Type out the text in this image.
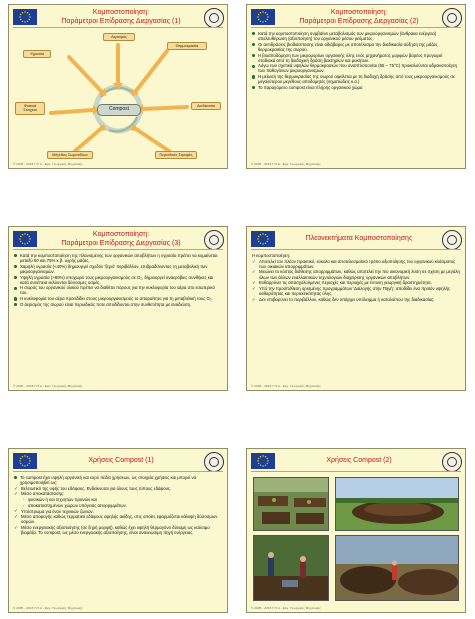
Κομποστοποίηση:
Παράμετροι Επίδρασης Διεργασίας (1)
Αερισμός
Θερμοκρασία
Υγρασία
Διαδικασία
Φυσικά Στοιχεία
Μέγεθος Σωματιδίων	Περιοδικές Στροφές
Compost
© 2005 - 2015 Γ.Π.Α - Εργ. Γεωργικής Μηχανικής
Κομποστοποίηση:
Παράμετροι Επίδρασης Διεργασίας (2)
Κατά την κομποστοποίηση συμβαίνει μεταβολισμός των μικροοργανισμών (άνθρακα ενέργεια) απελευθέρωση (αξιοποίηση) του οργανικού μέσου ρεύματος.
Οι αντιδράσεις βιοδιάσπασης είναι αδιάβαρες με αποτέλεσμα την διαδικασία αύξηση της μάζας θερμοκρασίας της σωρού.
Η βιοαποδόμηση των μικρομορίων οργανικής ύλης ενός μηχανήματος μορφών βαρέος προγωρεί σταδιακά από τη διαδοχική δράση βακτηρίων και μυκήτων.
Λόγω των σχετικά υψηλών θερμοκρασιών που αναπτύσσονται (65 – 75°C) προκαλούνται αδρανοποίηση των παθογόνων μικροοργανισμών.
Η μείωση της θερμοκρασίας της σωρού οφείλεται με τη διαδοχή δράσης από τους μικροοργανισμούς σε μεγαλύτερου μεγέθους αποδομητές (νηματώδεις κ.α.)
Το παραγόμενο compost είναι πλήρης οργανικού χώμα
© 2005 - 2015 Γ.Π.Α - Εργ. Γεωργικής Μηχανικής
Κομποστοποίηση:
Παράμετροι Επίδρασης Διεργασίας (3)
Κατά την κομποστοποίηση της πλανισμένης των οργανικών αποβλήτων η υγρασία πρέπει να κυμαίνεται μεταξύ 50 και 75% κ.β. υγρής μάζας.
Χαμηλή υγρασία (<40%) δημιουργεί σχεδόν 'ξηρό' περιβάλλον, επιβραδύνοντας τη μεταβολική των μικροοργανισμών.
Υψηλή υγρασία (>80%) υποχωρεί τους μικροοργανισμούς σε O₂, δημιουργεί αναερόβιες συνθήκες και κατά συνέπεια εκλύονται δύσοσμες οσμές.
Η σωρός του οργανικού υλικού πρέπει να διαθέτει πόρους για την κυκλοφορία του αέρα στο εσωτερικό του.
Η κυκλοφορία του αέρα προσδίδει στους μικροοργανισμούς το απαραίτητο για τη μεταβολική τους O₂.
Ο αερισμός της σωρού είναι περιοδικός ποτε αποδίδονται στην συνθετότητα με αναδεύση.
© 2005 - 2015 Γ.Π.Α - Εργ. Γεωργικής Μηχανικής
Πλεονεκτήματα Κομποστοποίησης
Η κομποστοποίηση:
✓ Αποτελεί τον πλέον πρακτικό, εύκολο και αποτελεσματικό τρόπο αξιοποίησης του οργανικού κλάσματος των οικιακών απορριμμάτων.
✓ Μειώνει το κόστος διάθεσης απορριμμάτων, καθώς αποτελεί την πιο οικονομική λύση σε σχέση με μεγάλη όλων των άλλων εναλλακτικών τεχνολογιών διαχείρισης οργανικών αποβλήτων.
✓ Ενθαρρύνει τις απασχολούμενες περιοχές και περιοχές με έντονη γεωργική δραστηριότητα.
✓ Υπό την προϋπόθεση ορισμένης προγραμμάτων 'Διαλογής στην Πηγή', αποδίδει ένα προϊόν υψηλής καθαρότητας και περιεκτικότητας ύλης.
✓ Δεν επιβαρύνει το περιβάλλον, καθώς δεν υπάρχει υπόλειμμα ή καταλοίπου της διαδικασίας.
© 2005 - 2015 Γ.Π.Α - Εργ. Γεωργικής Μηχανικής
Χρήσεις Compost (1)
Το compost έχει υψηλή οργανική και ευρύ πεδίο χρήσεων, ως στοιχεία χρήσεις και μπορεί να χρησιμοποιηθεί ως:
✓ Βελτιωτικό της υφής του εδάφους. Ενδείκνυται για όλους τους τύπους εδάφους.
✓ Μέσο αποκατάστασης:
- φυσικών ή και τεχνητών πρανών και
- αποκαταστημένων χώρων υπόγειας απορριμμάτων.
✓ Υπόστρωμα για έναν τεχνικών ζωνών.
✓ Μέσο αποφυγής καθώς τερματικό εδάφους υψηλής ακίδης, στις οποίες εφαρμόζεται κάλυψη δύσοσμων οσμών.
✓ Μέσο ενεργειακής αξιοποίησης (σε ξηρή μορφή), καθώς έχει υψηλή θερμογόνο δύναμη ως καύσιμο βιομάζα. Το compost, ως μέσο ενεργειακής αξιοποίησης, είναι ανανεώσιμη πηγή ενέργειας.
© 2005 - 2015 Γ.Π.Α - Εργ. Γεωργικής Μηχανικής
Χρήσεις Compost (2)
© 2005 - 2015 Γ.Π.Α - Εργ. Γεωργικής Μηχανικής
